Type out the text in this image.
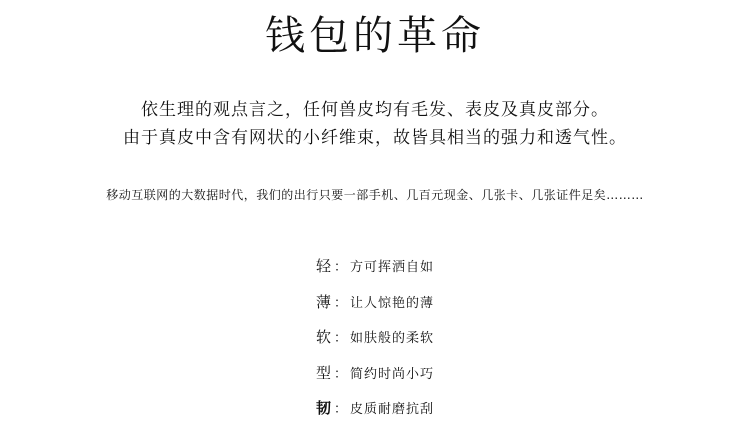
钱包的革命
依生理的观点言之，任何兽皮均有毛发、表皮及真皮部分。
由于真皮中含有网状的小纤维束，故皆具相当的强力和透气性。
移动互联网的大数据时代，我们的出行只要一部手机、几百元现金、几张卡、几张证件足矣………
轻 ： 方可挥洒自如
薄 ： 让人惊艳的薄
软 ： 如肤般的柔软
型 ： 简约时尚小巧
韧 ： 皮质耐磨抗刮
